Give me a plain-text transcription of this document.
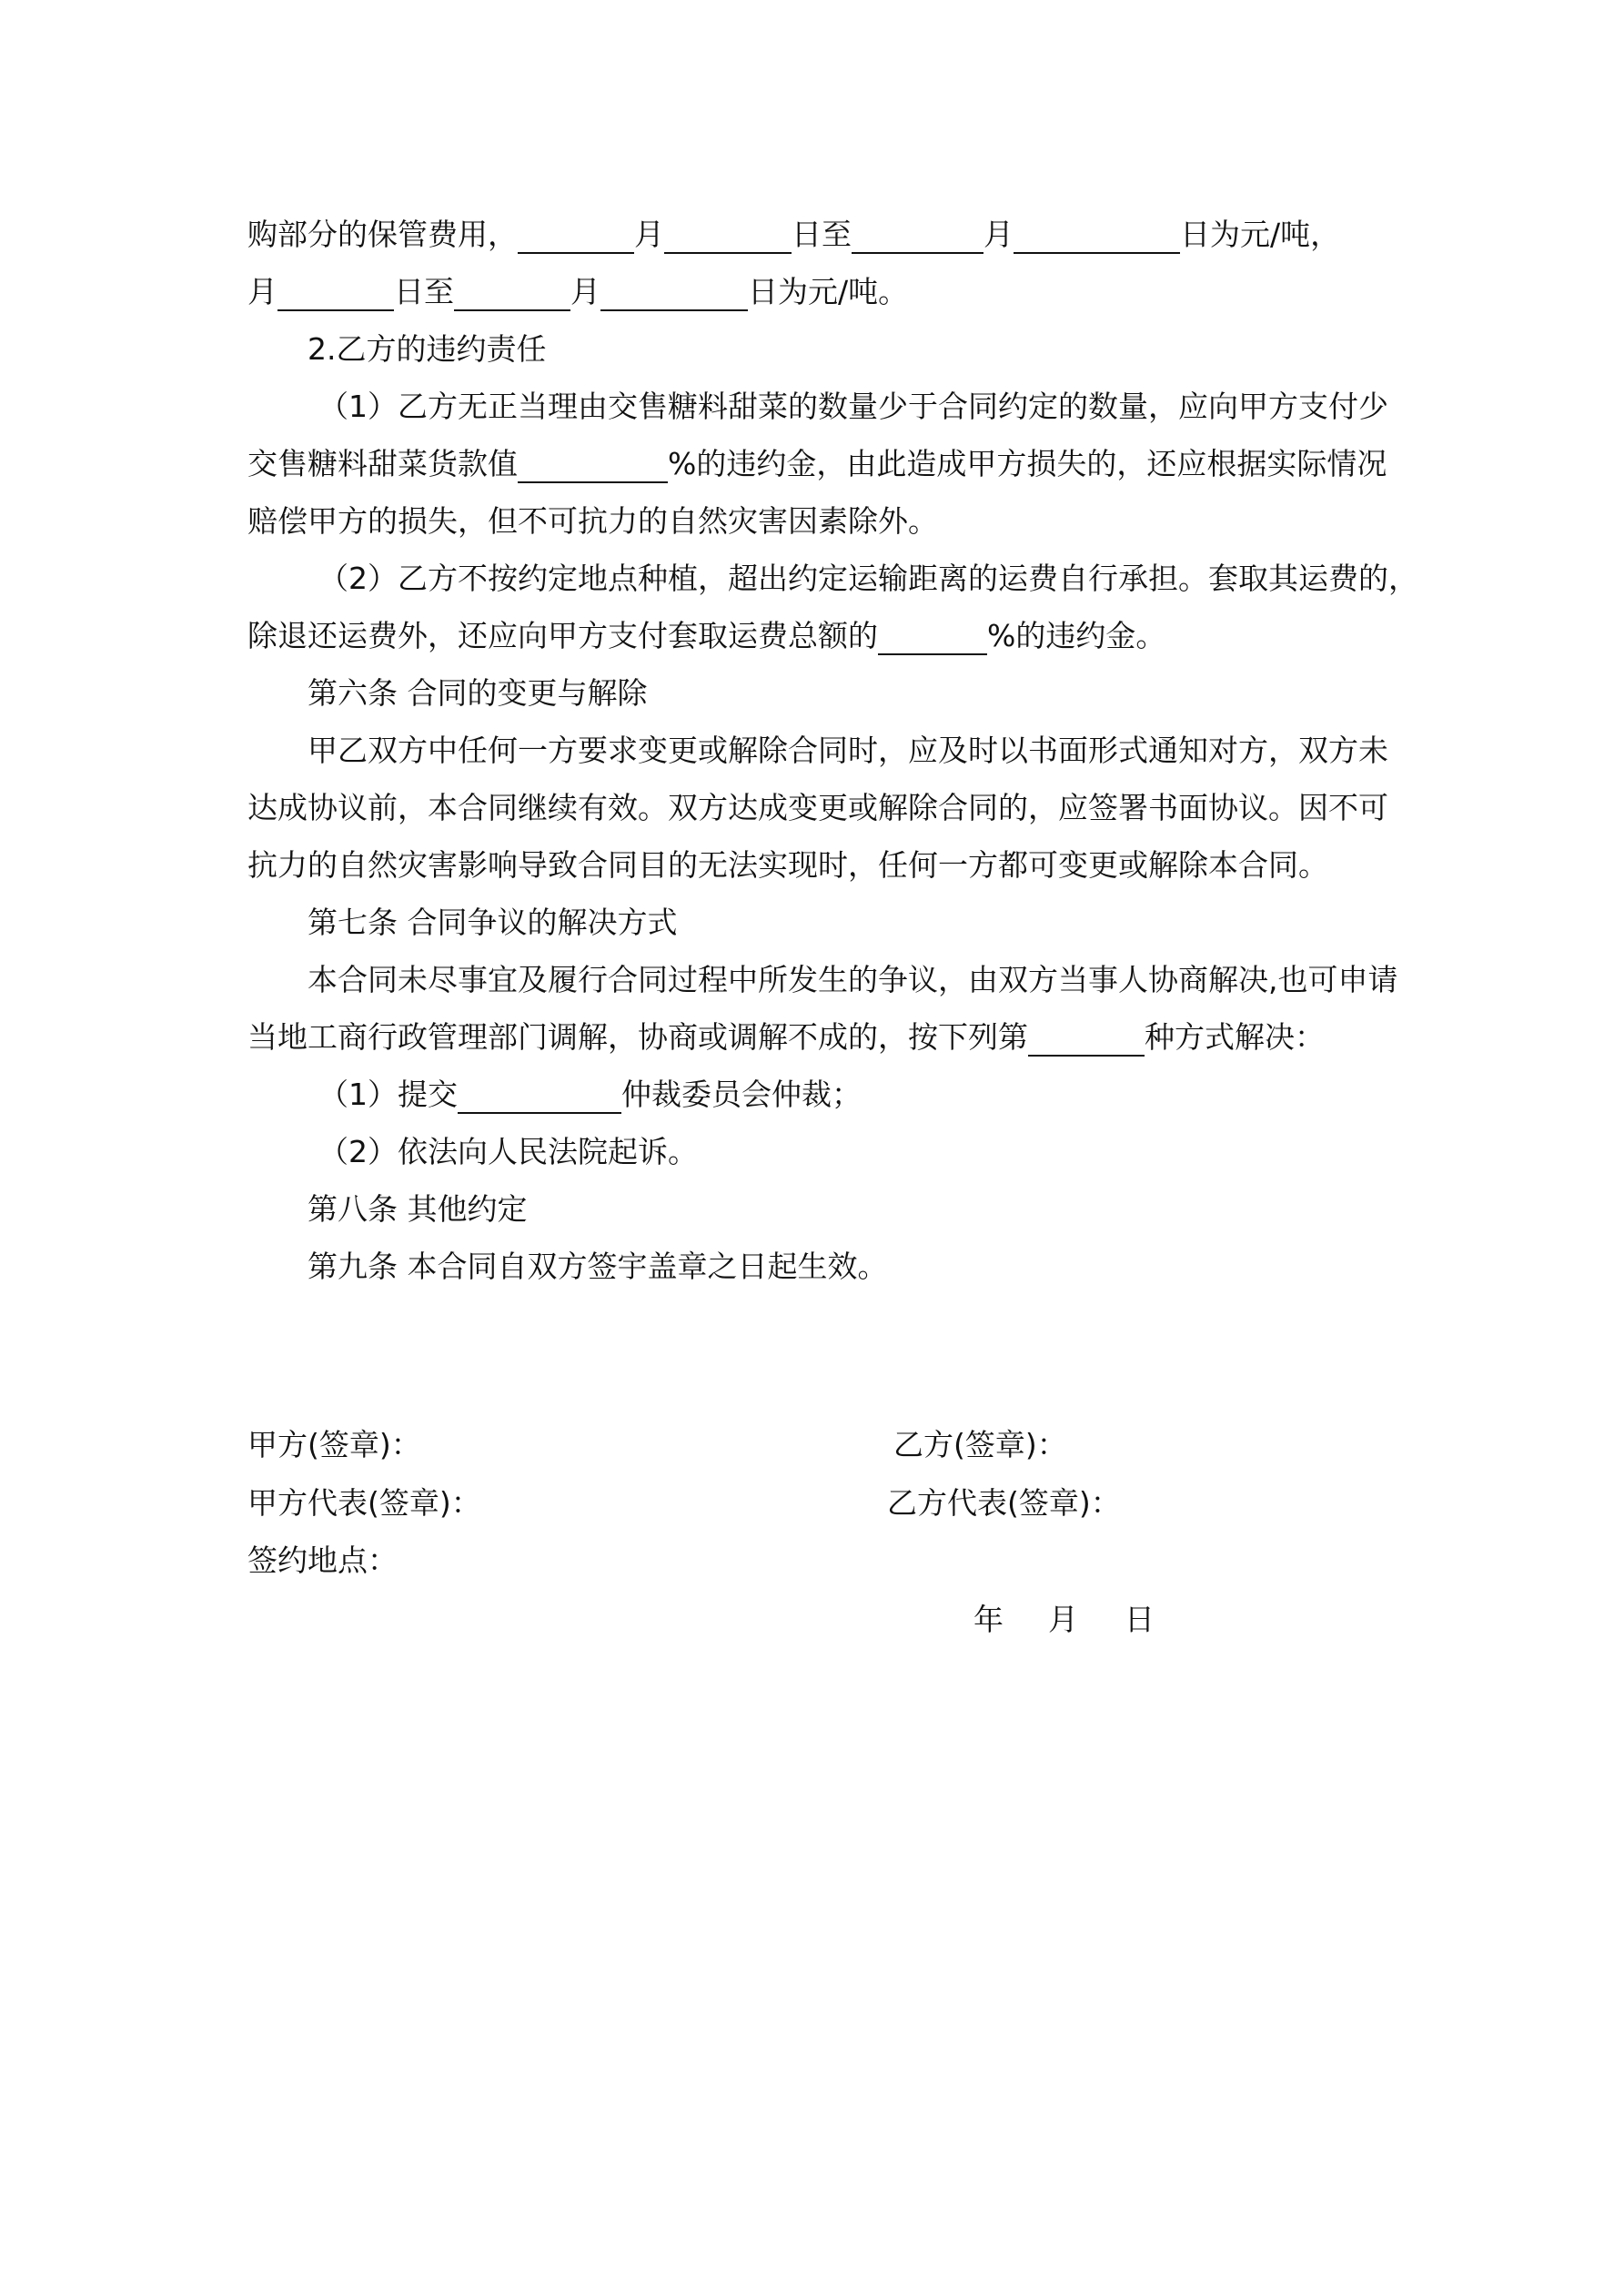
购部分的保管费用，	月	日至	月	日为元/吨，
月	日至	月	日为元/吨。
2.乙方的违约责任
（1）乙方无正当理由交售糖料甜菜的数量少于合同约定的数量，应向甲方支付少
交售糖料甜菜货款值	%的违约金，由此造成甲方损失的，还应根据实际情况
赔偿甲方的损失，但不可抗力的自然灾害因素除外。
（2）乙方不按约定地点种植，超出约定运输距离的运费自行承担。套取其运费的，
除退还运费外，还应向甲方支付套取运费总额的	%的违约金。
第六条 合同的变更与解除
甲乙双方中任何一方要求变更或解除合同时，应及时以书面形式通知对方，双方未
达成协议前，本合同继续有效。双方达成变更或解除合同的，应签署书面协议。因不可
抗力的自然灾害影响导致合同目的无法实现时，任何一方都可变更或解除本合同。
第七条 合同争议的解决方式
本合同未尽事宜及履行合同过程中所发生的争议，由双方当事人协商解决,也可申请
当地工商行政管理部门调解，协商或调解不成的，按下列第	种方式解决：
（1）提交	仲裁委员会仲裁；
（2）依法向人民法院起诉。
第八条 其他约定
第九条 本合同自双方签宇盖章之日起生效。
甲方(签章)：	乙方(签章)：
甲方代表(签章)：	乙方代表(签章)：
签约地点：
年 月 日
